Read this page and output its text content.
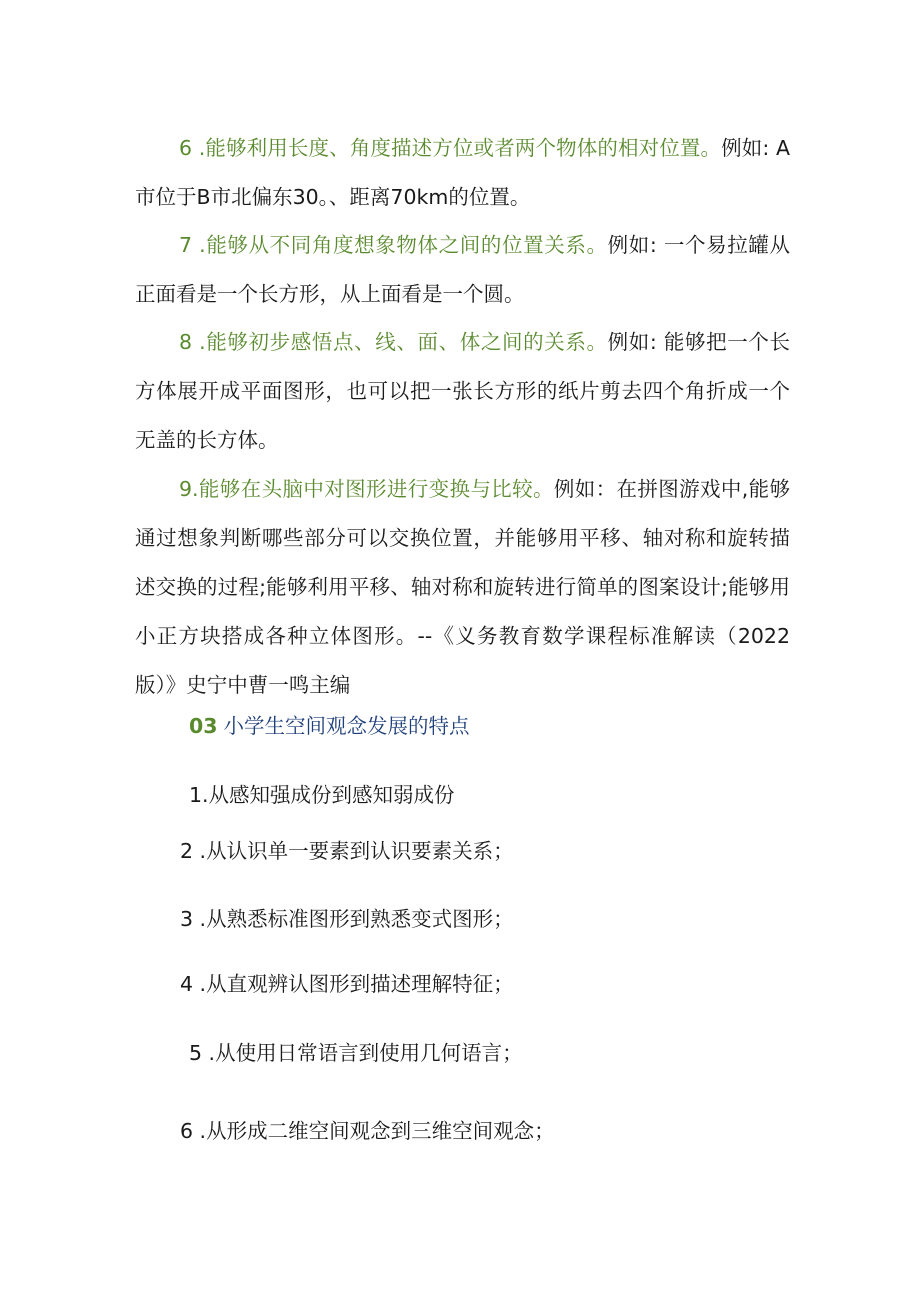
6 .能够利用长度、角度描述方位或者两个物体的相对位置。例如: A市位于B市北偏东30。、距离70km的位置。

7 .能够从不同角度想象物体之间的位置关系。例如: 一个易拉罐从正面看是一个长方形，从上面看是一个圆。

8 .能够初步感悟点、线、面、体之间的关系。例如: 能够把一个长方体展开成平面图形，也可以把一张长方形的纸片剪去四个角折成一个无盖的长方体。

9.能够在头脑中对图形进行变换与比较。例如：在拼图游戏中,能够通过想象判断哪些部分可以交换位置，并能够用平移、轴对称和旋转描述交换的过程;能够利用平移、轴对称和旋转进行简单的图案设计;能够用小正方块搭成各种立体图形。--《义务教育数学课程标准解读（2022版）》史宁中曹一鸣主编

03 小学生空间观念发展的特点

1.从感知强成份到感知弱成份

2 .从认识单一要素到认识要素关系；

3 .从熟悉标准图形到熟悉变式图形；

4 .从直观辨认图形到描述理解特征；

5 .从使用日常语言到使用几何语言；

6 .从形成二维空间观念到三维空间观念；
